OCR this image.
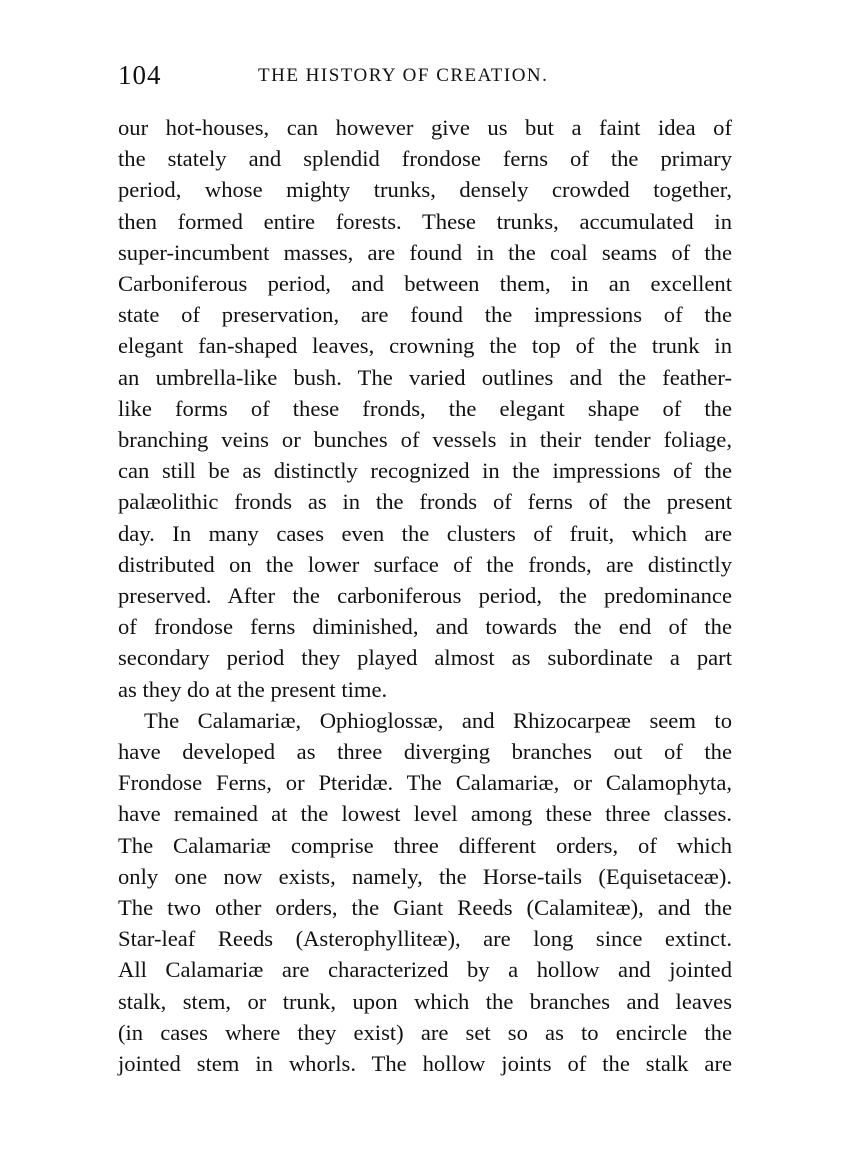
104	THE HISTORY OF CREATION.
our hot-houses, can however give us but a faint idea of
the stately and splendid frondose ferns of the primary
period, whose mighty trunks, densely crowded together,
then formed entire forests. These trunks, accumulated in
super-incumbent masses, are found in the coal seams of the
Carboniferous period, and between them, in an excellent
state of preservation, are found the impressions of the
elegant fan-shaped leaves, crowning the top of the trunk in
an umbrella-like bush. The varied outlines and the feather-
like forms of these fronds, the elegant shape of the
branching veins or bunches of vessels in their tender foliage,
can still be as distinctly recognized in the impressions of the
palæolithic fronds as in the fronds of ferns of the present
day. In many cases even the clusters of fruit, which are
distributed on the lower surface of the fronds, are distinctly
preserved. After the carboniferous period, the predominance
of frondose ferns diminished, and towards the end of the
secondary period they played almost as subordinate a part
as they do at the present time.
The Calamariæ, Ophioglossæ, and Rhizocarpeæ seem to
have developed as three diverging branches out of the
Frondose Ferns, or Pteridæ. The Calamariæ, or Calamophyta,
have remained at the lowest level among these three classes.
The Calamariæ comprise three different orders, of which
only one now exists, namely, the Horse-tails (Equisetaceæ).
The two other orders, the Giant Reeds (Calamiteæ), and the
Star-leaf Reeds (Asterophylliteæ), are long since extinct.
All Calamariæ are characterized by a hollow and jointed
stalk, stem, or trunk, upon which the branches and leaves
(in cases where they exist) are set so as to encircle the
jointed stem in whorls. The hollow joints of the stalk are
